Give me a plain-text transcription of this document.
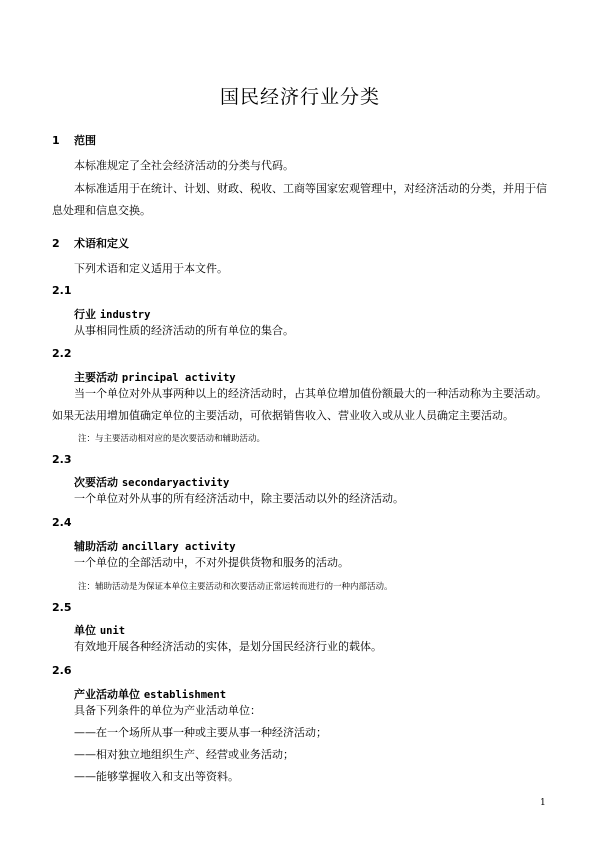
国民经济行业分类
1 范围
本标准规定了全社会经济活动的分类与代码。
本标准适用于在统计、计划、财政、税收、工商等国家宏观管理中，对经济活动的分类，并用于信息处理和信息交换。
2 术语和定义
下列术语和定义适用于本文件。
2.1
行业 industry
从事相同性质的经济活动的所有单位的集合。
2.2
主要活动 principal activity
当一个单位对外从事两种以上的经济活动时，占其单位增加值份额最大的一种活动称为主要活动。如果无法用增加值确定单位的主要活动，可依据销售收入、营业收入或从业人员确定主要活动。
注：与主要活动相对应的是次要活动和辅助活动。
2.3
次要活动 secondaryactivity
一个单位对外从事的所有经济活动中，除主要活动以外的经济活动。
2.4
辅助活动 ancillary activity
一个单位的全部活动中，不对外提供货物和服务的活动。
注：辅助活动是为保证本单位主要活动和次要活动正常运转而进行的一种内部活动。
2.5
单位 unit
有效地开展各种经济活动的实体，是划分国民经济行业的载体。
2.6
产业活动单位 establishment
具备下列条件的单位为产业活动单位：
——在一个场所从事一种或主要从事一种经济活动；
——相对独立地组织生产、经营或业务活动；
——能够掌握收入和支出等资料。
1
